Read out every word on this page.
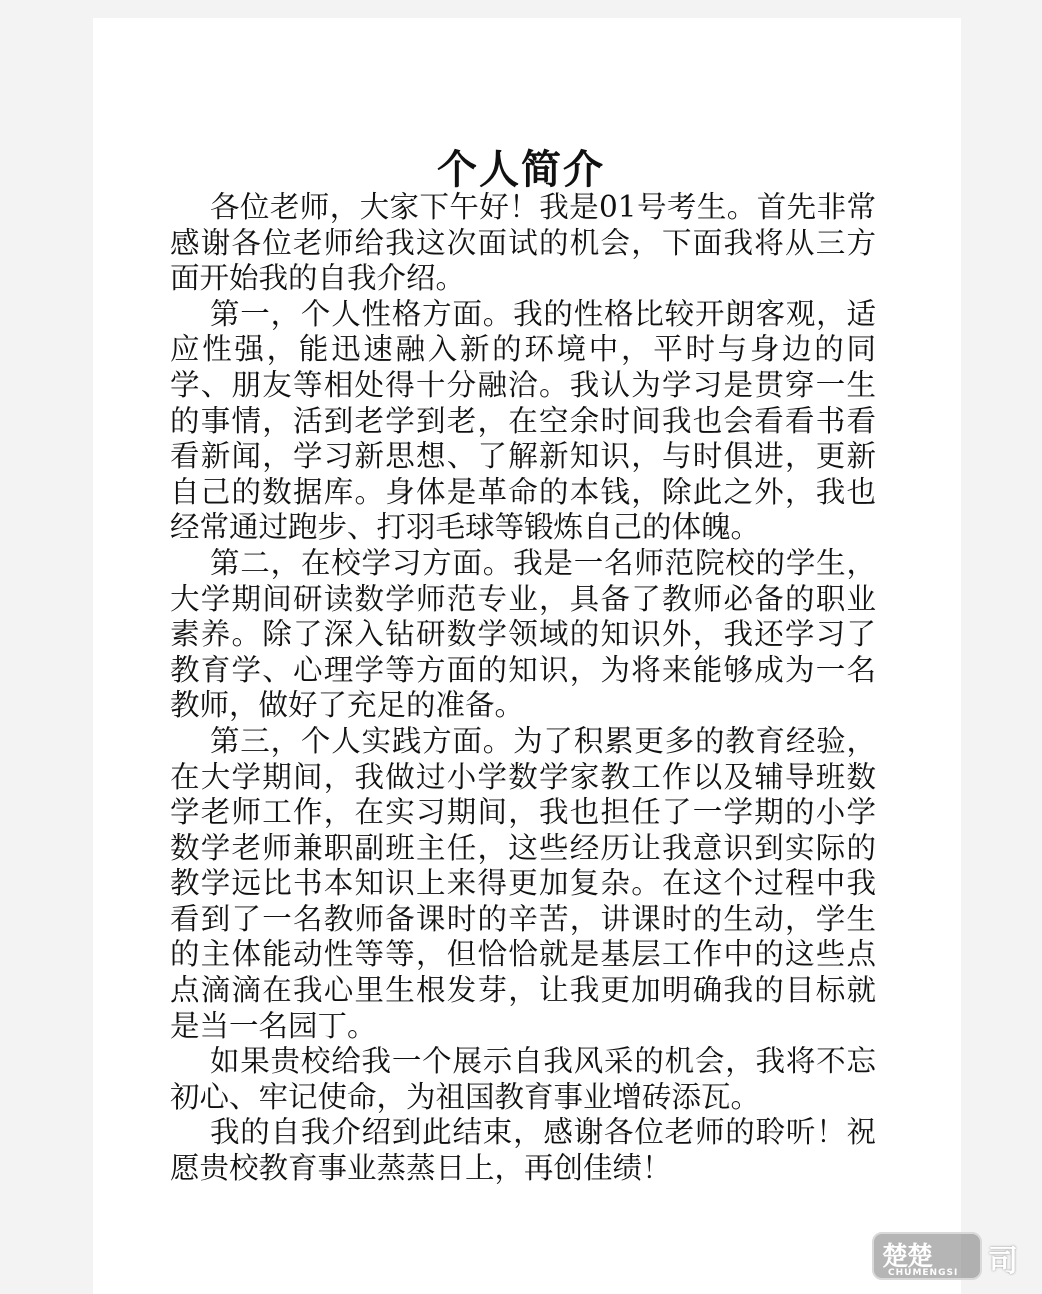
个人简介

各位老师，大家下午好！我是01号考生。首先非常感谢各位老师给我这次面试的机会，下面我将从三方面开始我的自我介绍。

第一，个人性格方面。我的性格比较开朗客观，适应性强，能迅速融入新的环境中，平时与身边的同学、朋友等相处得十分融洽。我认为学习是贯穿一生的事情，活到老学到老，在空余时间我也会看看书看看新闻，学习新思想、了解新知识，与时俱进，更新自己的数据库。身体是革命的本钱，除此之外，我也经常通过跑步、打羽毛球等锻炼自己的体魄。

第二，在校学习方面。我是一名师范院校的学生，大学期间研读数学师范专业，具备了教师必备的职业素养。除了深入钻研数学领域的知识外，我还学习了教育学、心理学等方面的知识，为将来能够成为一名教师，做好了充足的准备。

第三，个人实践方面。为了积累更多的教育经验，在大学期间，我做过小学数学家教工作以及辅导班数学老师工作，在实习期间，我也担任了一学期的小学数学老师兼职副班主任，这些经历让我意识到实际的教学远比书本知识上来得更加复杂。在这个过程中我看到了一名教师备课时的辛苦，讲课时的生动，学生的主体能动性等等，但恰恰就是基层工作中的这些点点滴滴在我心里生根发芽，让我更加明确我的目标就是当一名园丁。

如果贵校给我一个展示自我风采的机会，我将不忘初心、牢记使命，为祖国教育事业增砖添瓦。

我的自我介绍到此结束，感谢各位老师的聆听！祝愿贵校教育事业蒸蒸日上，再创佳绩！

楚楚
CHUMENGSI 司
